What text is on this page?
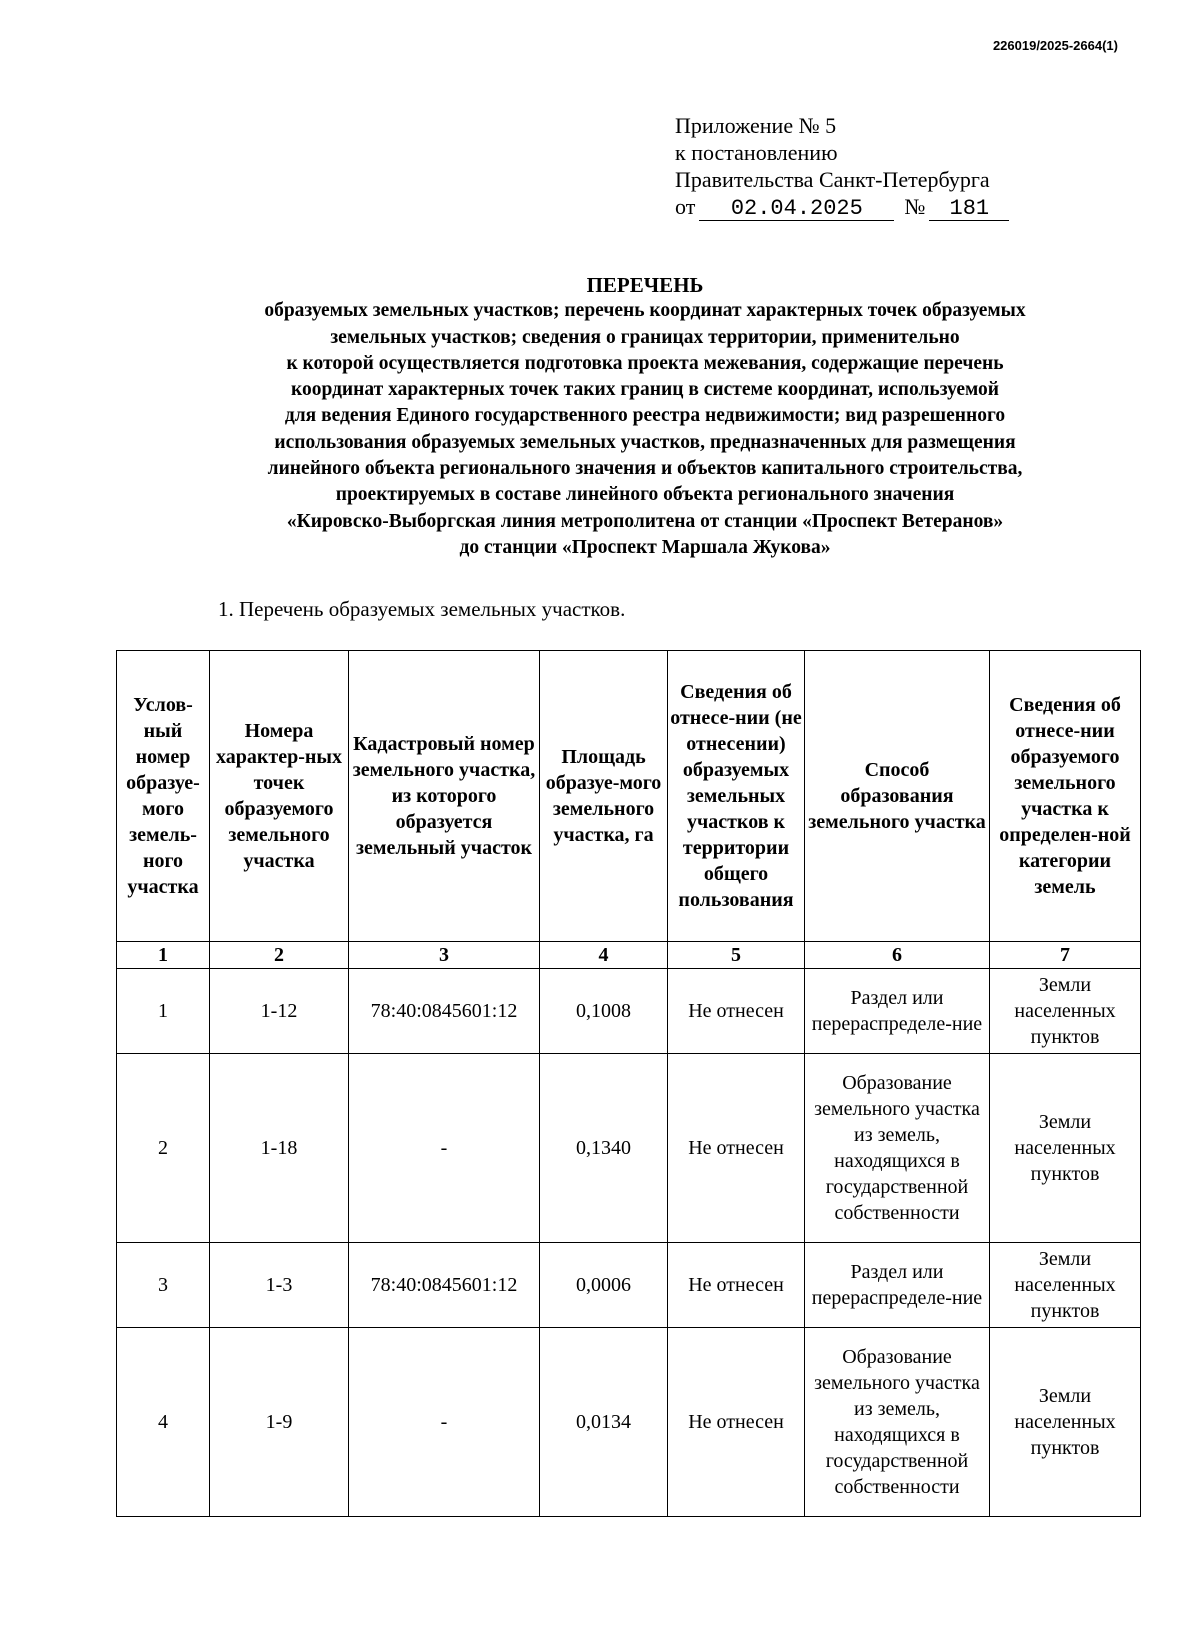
226019/2025-2664(1)
Приложение № 5
к постановлению
Правительства Санкт-Петербурга
от 02.04.2025 № 181
ПЕРЕЧЕНЬ
образуемых земельных участков; перечень координат характерных точек образуемых
земельных участков; сведения о границах территории, применительно
к которой осуществляется подготовка проекта межевания, содержащие перечень
координат характерных точек таких границ в системе координат, используемой
для ведения Единого государственного реестра недвижимости; вид разрешенного
использования образуемых земельных участков, предназначенных для размещения
линейного объекта регионального значения и объектов капитального строительства,
проектируемых в составе линейного объекта регионального значения
«Кировско-Выборгская линия метрополитена от станции «Проспект Ветеранов»
до станции «Проспект Маршала Жукова»
1. Перечень образуемых земельных участков.
Услов-ный номер образуе-мого земель-ного участка	Номера характер-ных точек образуемого земельного участка	Кадастровый номер земельного участка, из которого образуется земельный участок	Площадь образуе-мого земельного участка, га	Сведения об отнесе-нии (не отнесении) образуемых земельных участков к территории общего пользования	Способ образования земельного участка	Сведения об отнесе-нии образуемого земельного участка к определен-ной категории земель
1	2	3	4	5	6	7
1	1-12	78:40:0845601:12	0,1008	Не отнесен	Раздел или перераспределе-ние	Земли населенных пунктов
2	1-18	-	0,1340	Не отнесен	Образование земельного участка из земель, находящихся в государственной собственности	Земли населенных пунктов
3	1-3	78:40:0845601:12	0,0006	Не отнесен	Раздел или перераспределе-ние	Земли населенных пунктов
4	1-9	-	0,0134	Не отнесен	Образование земельного участка из земель, находящихся в государственной собственности	Земли населенных пунктов
